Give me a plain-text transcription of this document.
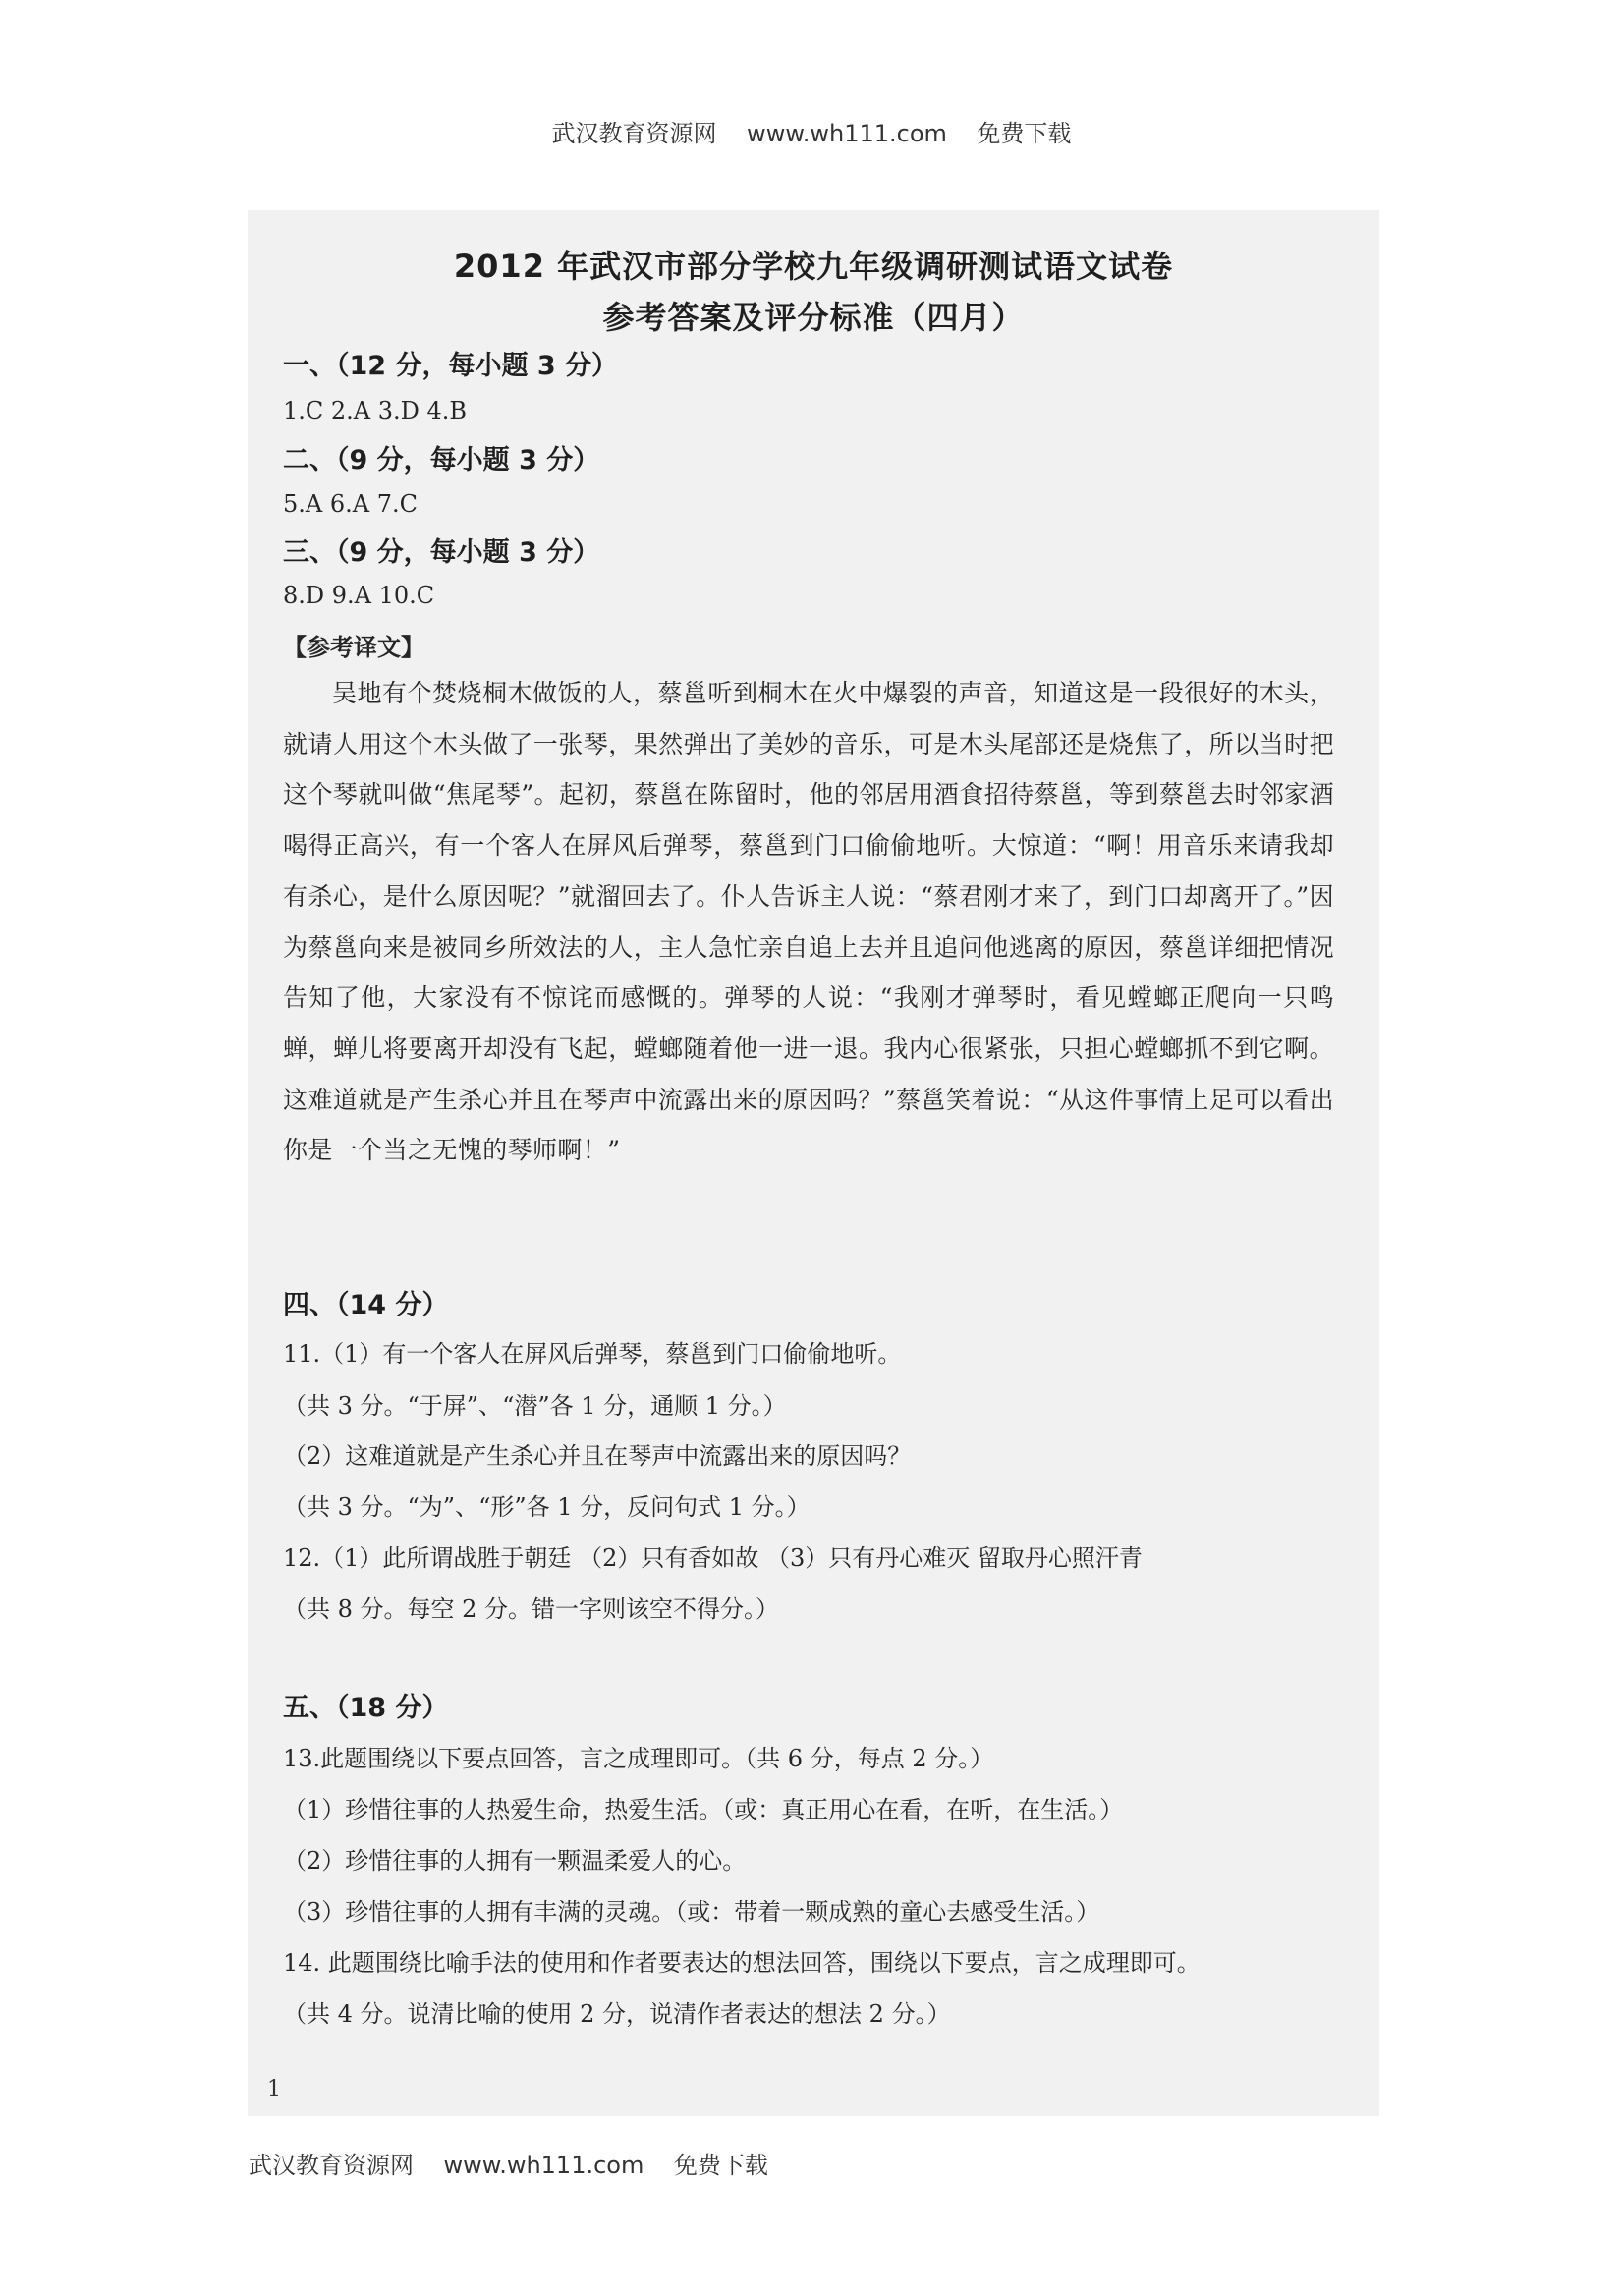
武汉教育资源网    www.wh111.com    免费下载
2012 年武汉市部分学校九年级调研测试语文试卷
参考答案及评分标准（四月）
一、（12 分，每小题 3 分）
1.C 2.A 3.D 4.B
二、（9 分，每小题 3 分）
5.A 6.A 7.C
三、（9 分，每小题 3 分）
8.D 9.A 10.C
【参考译文】
吴地有个焚烧桐木做饭的人，蔡邕听到桐木在火中爆裂的声音，知道这是一段很好的木头，就请人用这个木头做了一张琴，果然弹出了美妙的音乐，可是木头尾部还是烧焦了，所以当时把这个琴就叫做“焦尾琴”。起初，蔡邕在陈留时，他的邻居用酒食招待蔡邕，等到蔡邕去时邻家酒喝得正高兴，有一个客人在屏风后弹琴，蔡邕到门口偷偷地听。大惊道：“啊！用音乐来请我却有杀心，是什么原因呢？”就溜回去了。仆人告诉主人说：“蔡君刚才来了，到门口却离开了。”因为蔡邕向来是被同乡所效法的人，主人急忙亲自追上去并且追问他逃离的原因，蔡邕详细把情况告知了他，大家没有不惊诧而感慨的。弹琴的人说：“我刚才弹琴时，看见螳螂正爬向一只鸣蝉，蝉儿将要离开却没有飞起，螳螂随着他一进一退。我内心很紧张，只担心螳螂抓不到它啊。这难道就是产生杀心并且在琴声中流露出来的原因吗？”蔡邕笑着说：“从这件事情上足可以看出你是一个当之无愧的琴师啊！”
四、（14 分）
11.（1）有一个客人在屏风后弹琴，蔡邕到门口偷偷地听。
（共 3 分。“于屏”、“潜”各 1 分，通顺 1 分。）
（2）这难道就是产生杀心并且在琴声中流露出来的原因吗？
（共 3 分。“为”、“形”各 1 分，反问句式 1 分。）
12.（1）此所谓战胜于朝廷 （2）只有香如故 （3）只有丹心难灭 留取丹心照汗青
（共 8 分。每空 2 分。错一字则该空不得分。）
五、（18 分）
13.此题围绕以下要点回答，言之成理即可。（共 6 分，每点 2 分。）
（1）珍惜往事的人热爱生命，热爱生活。（或：真正用心在看，在听，在生活。）
（2）珍惜往事的人拥有一颗温柔爱人的心。
（3）珍惜往事的人拥有丰满的灵魂。（或：带着一颗成熟的童心去感受生活。）
14. 此题围绕比喻手法的使用和作者要表达的想法回答，围绕以下要点，言之成理即可。
（共 4 分。说清比喻的使用 2 分，说清作者表达的想法 2 分。）
1
武汉教育资源网    www.wh111.com    免费下载
